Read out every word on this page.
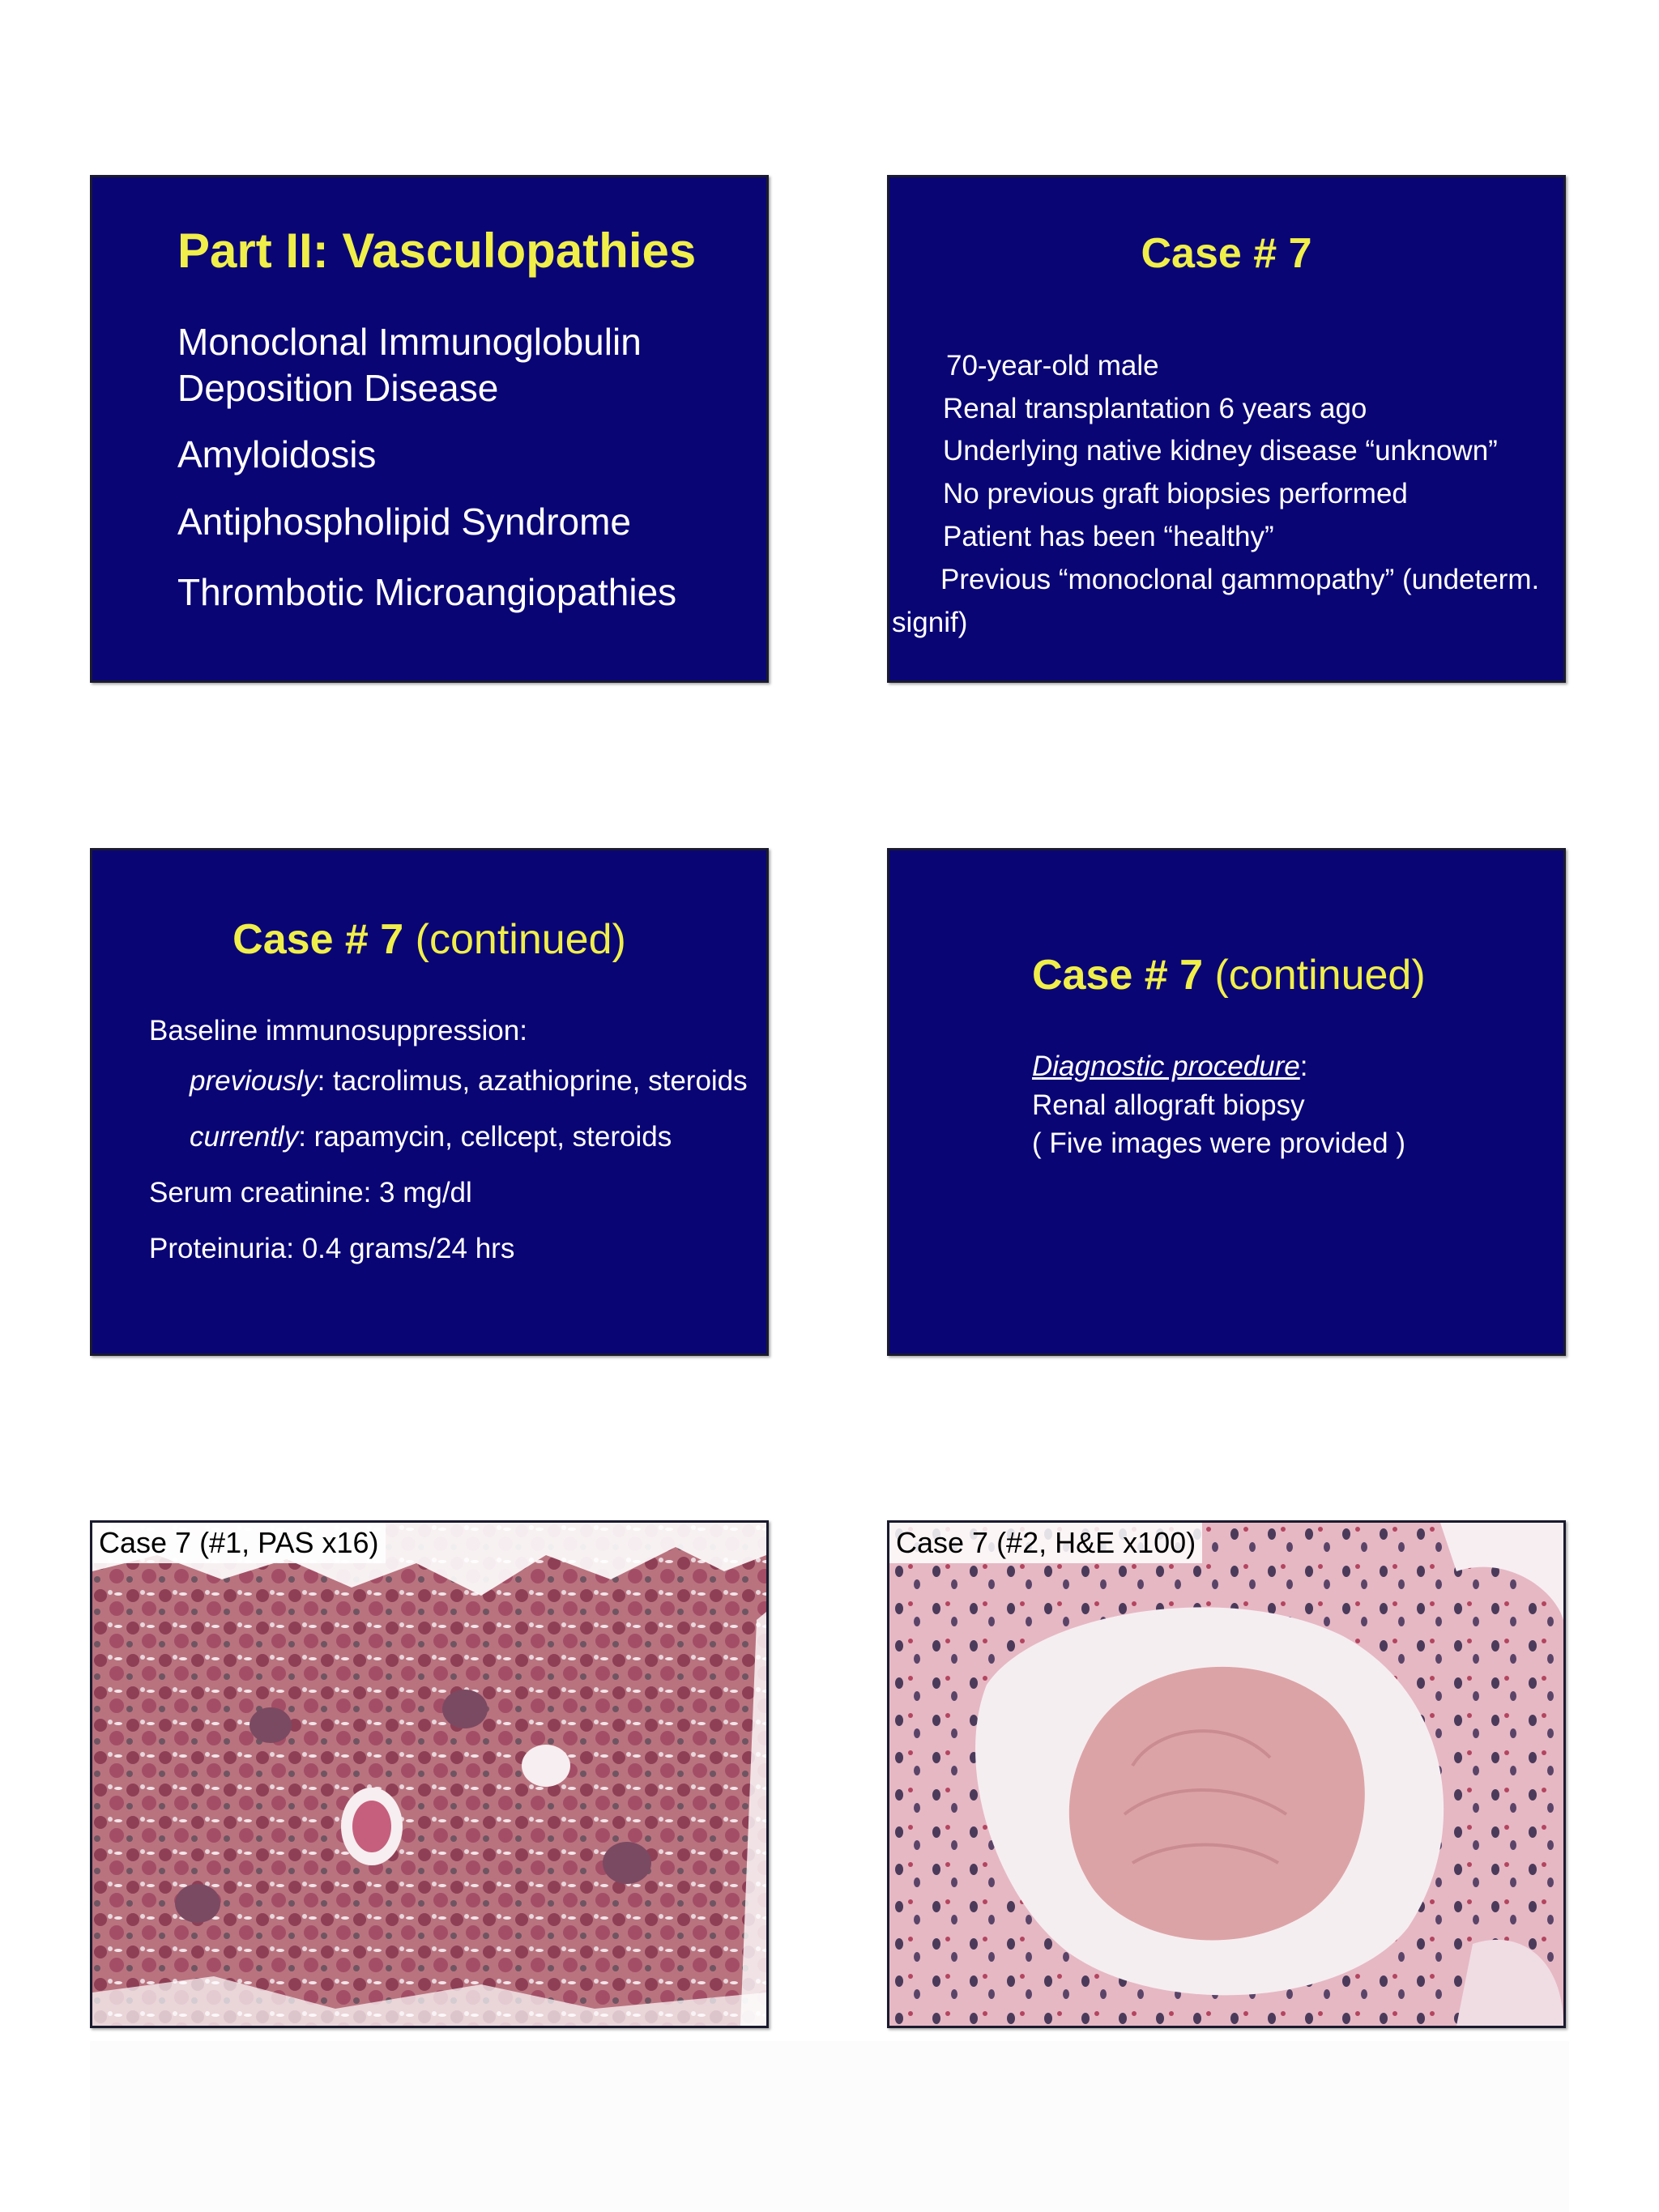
Part II: Vasculopathies
Monoclonal Immunoglobulin
Deposition Disease
Amyloidosis
Antiphospholipid Syndrome
Thrombotic Microangiopathies
Case # 7
70-year-old male
Renal transplantation 6 years ago
Underlying native kidney disease “unknown”
No previous graft biopsies performed
Patient has been “healthy”
Previous “monoclonal gammopathy” (undeterm.
signif)
Case # 7 (continued)
Baseline immunosuppression:
previously: tacrolimus, azathioprine, steroids
currently: rapamycin, cellcept, steroids
Serum creatinine: 3 mg/dl
Proteinuria: 0.4 grams/24 hrs
Case # 7 (continued)
Diagnostic procedure:
Renal allograft biopsy
( Five images were provided )
Case 7 (#1, PAS x16)	Case 7 (#2, H&E x100)
